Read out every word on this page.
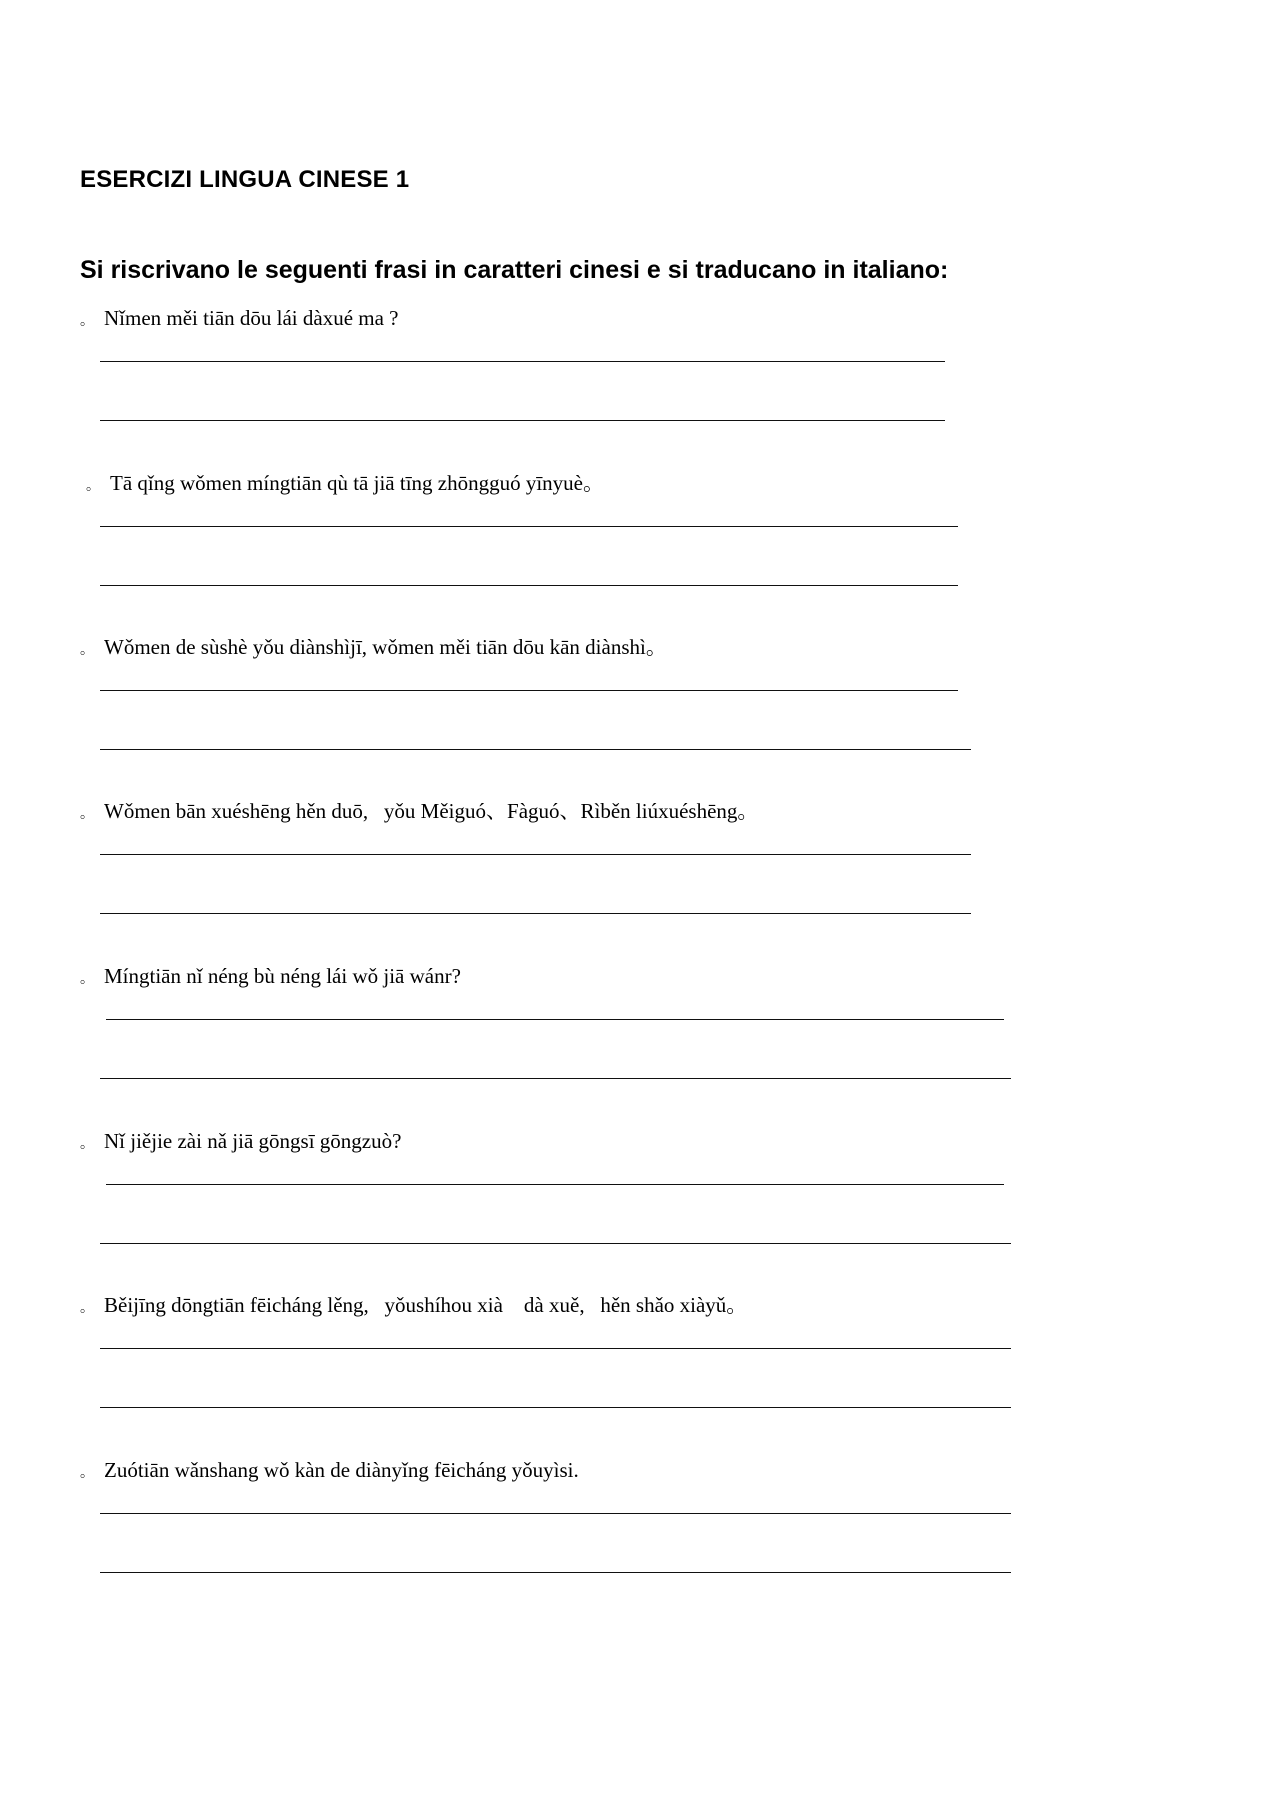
ESERCIZI LINGUA CINESE 1

Si riscrivano le seguenti frasi in caratteri cinesi e si traducano in italiano:

。 Nǐmen měi tiān dōu lái dàxué ma ?
。 Tā qǐng wǒmen míngtiān qù tā jiā tīng zhōngguó yīnyuè。
。 Wǒmen de sùshè yǒu diànshìjī, wǒmen měi tiān dōu kān diànshì。
。 Wǒmen bān xuéshēng hěn duō,   yǒu Měiguó、Fàguó、Rìběn liúxuéshēng。
。 Míngtiān nǐ néng bù néng lái wǒ jiā wánr?
。 Nǐ jiějie zài nǎ jiā gōngsī gōngzuò?
。 Běijīng dōngtiān fēicháng lěng,   yǒushíhou xià    dà xuě,   hěn shǎo xiàyǔ。
。 Zuótiān wǎnshang wǒ kàn de diànyǐng fēicháng yǒuyìsi.
